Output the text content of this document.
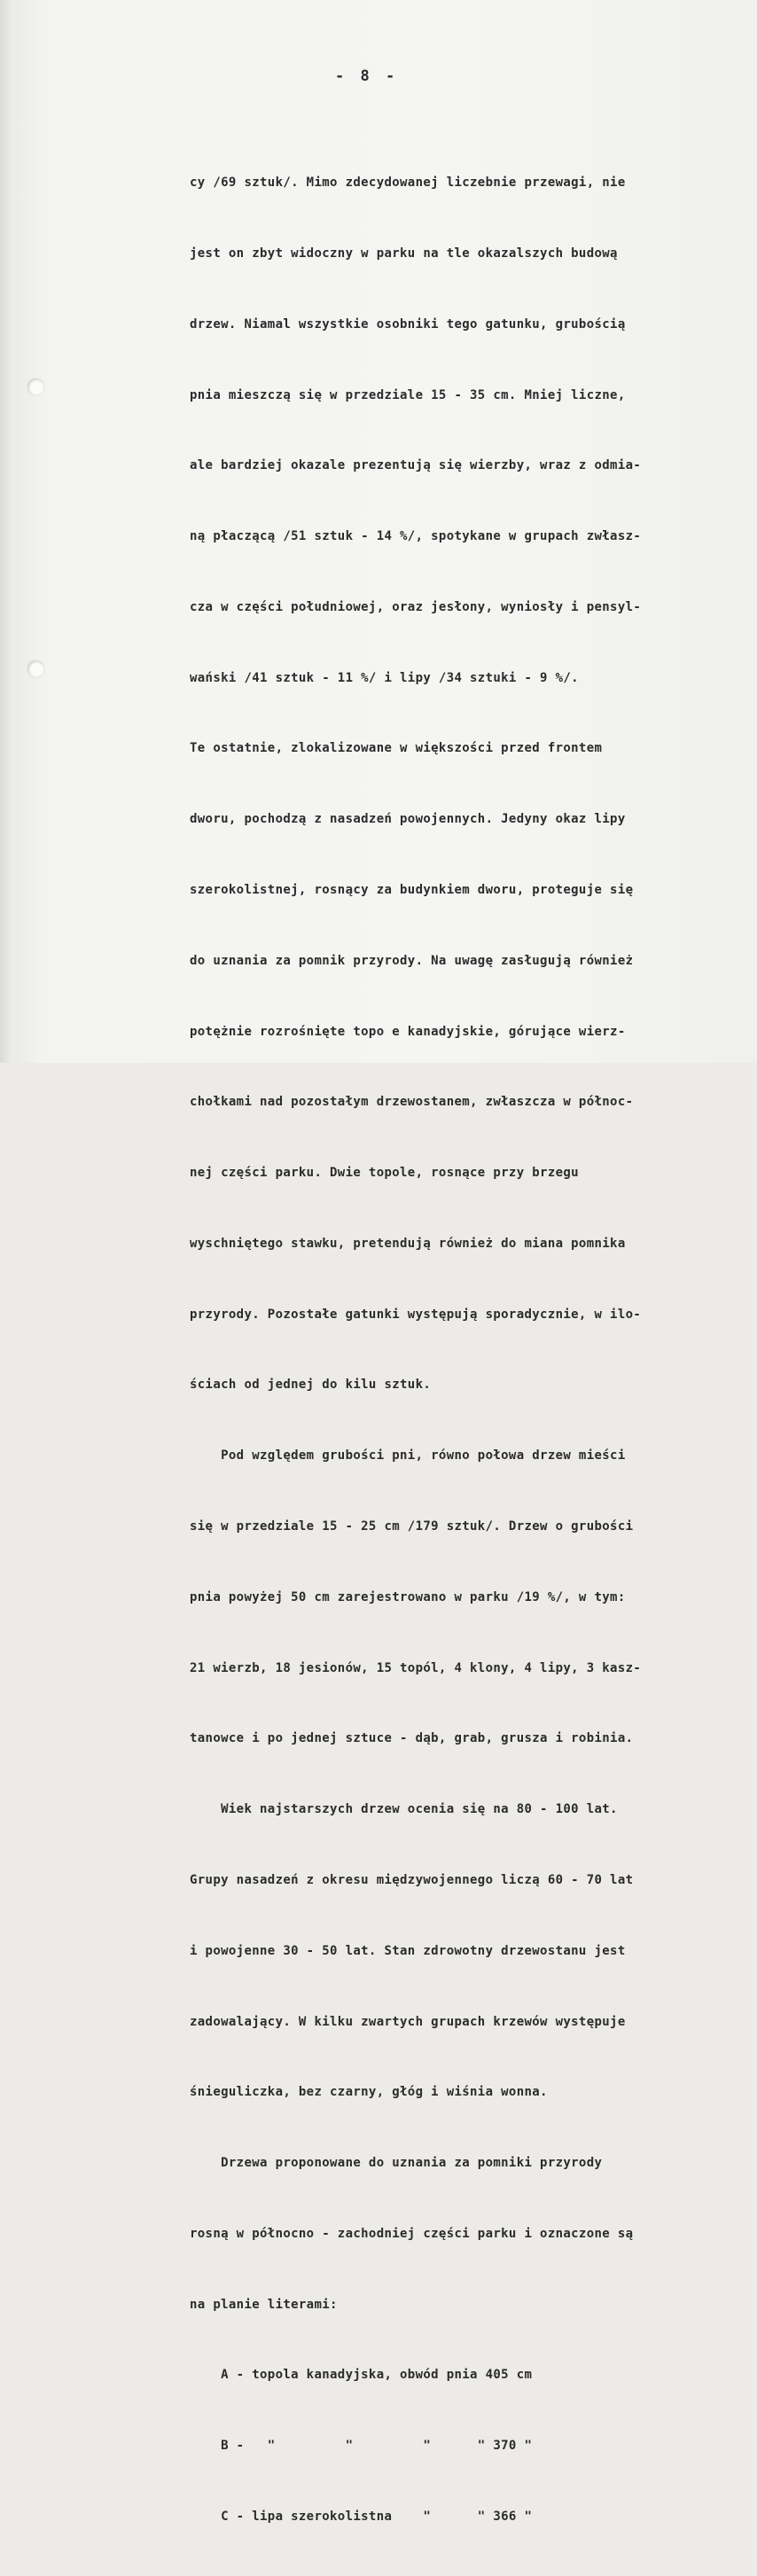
- 8 -

cy /69 sztuk/. Mimo zdecydowanej liczebnie przewagi, nie

jest on zbyt widoczny w parku na tle okazalszych budową

drzew. Niamal wszystkie osobniki tego gatunku, grubością

pnia mieszczą się w przedziale 15 - 35 cm. Mniej liczne,

ale bardziej okazale prezentują się wierzby, wraz z odmia-

ną płaczącą /51 sztuk - 14 %/, spotykane w grupach zwłasz-

cza w części południowej, oraz jesłony, wyniosły i pensyl-

wański /41 sztuk - 11 %/ i lipy /34 sztuki - 9 %/.

Te ostatnie, zlokalizowane w większości przed frontem

dworu, pochodzą z nasadzeń powojennych. Jedyny okaz lipy

szerokolistnej, rosnący za budynkiem dworu, proteguje się

do uznania za pomnik przyrody. Na uwagę zasługują również

potężnie rozrośnięte topo e kanadyjskie, górujące wierz-

chołkami nad pozostałym drzewostanem, zwłaszcza w północ-

nej części parku. Dwie topole, rosnące przy brzegu

wyschniętego stawku, pretendują również do miana pomnika

przyrody. Pozostałe gatunki występują sporadycznie, w ilo-

ściach od jednej do kilu sztuk.

Pod względem grubości pni, równo połowa drzew mieści

się w przedziale 15 - 25 cm /179 sztuk/. Drzew o grubości

pnia powyżej 50 cm zarejestrowano w parku /19 %/, w tym:

21 wierzb, 18 jesionów, 15 topól, 4 klony, 4 lipy, 3 kasz-

tanowce i po jednej sztuce - dąb, grab, grusza i robinia.

Wiek najstarszych drzew ocenia się na 80 - 100 lat.

Grupy nasadzeń z okresu międzywojennego liczą 60 - 70 lat

i powojenne 30 - 50 lat. Stan zdrowotny drzewostanu jest

zadowalający. W kilku zwartych grupach krzewów występuje

śnieguliczka, bez czarny, głóg i wiśnia wonna.

Drzewa proponowane do uznania za pomniki przyrody

rosną w północno - zachodniej części parku i oznaczone są

na planie literami:

A - topola kanadyjska, obwód pnia 405 cm

B -   "         "         "      " 370 "

C - lipa szerokolistna    "      " 366 "
